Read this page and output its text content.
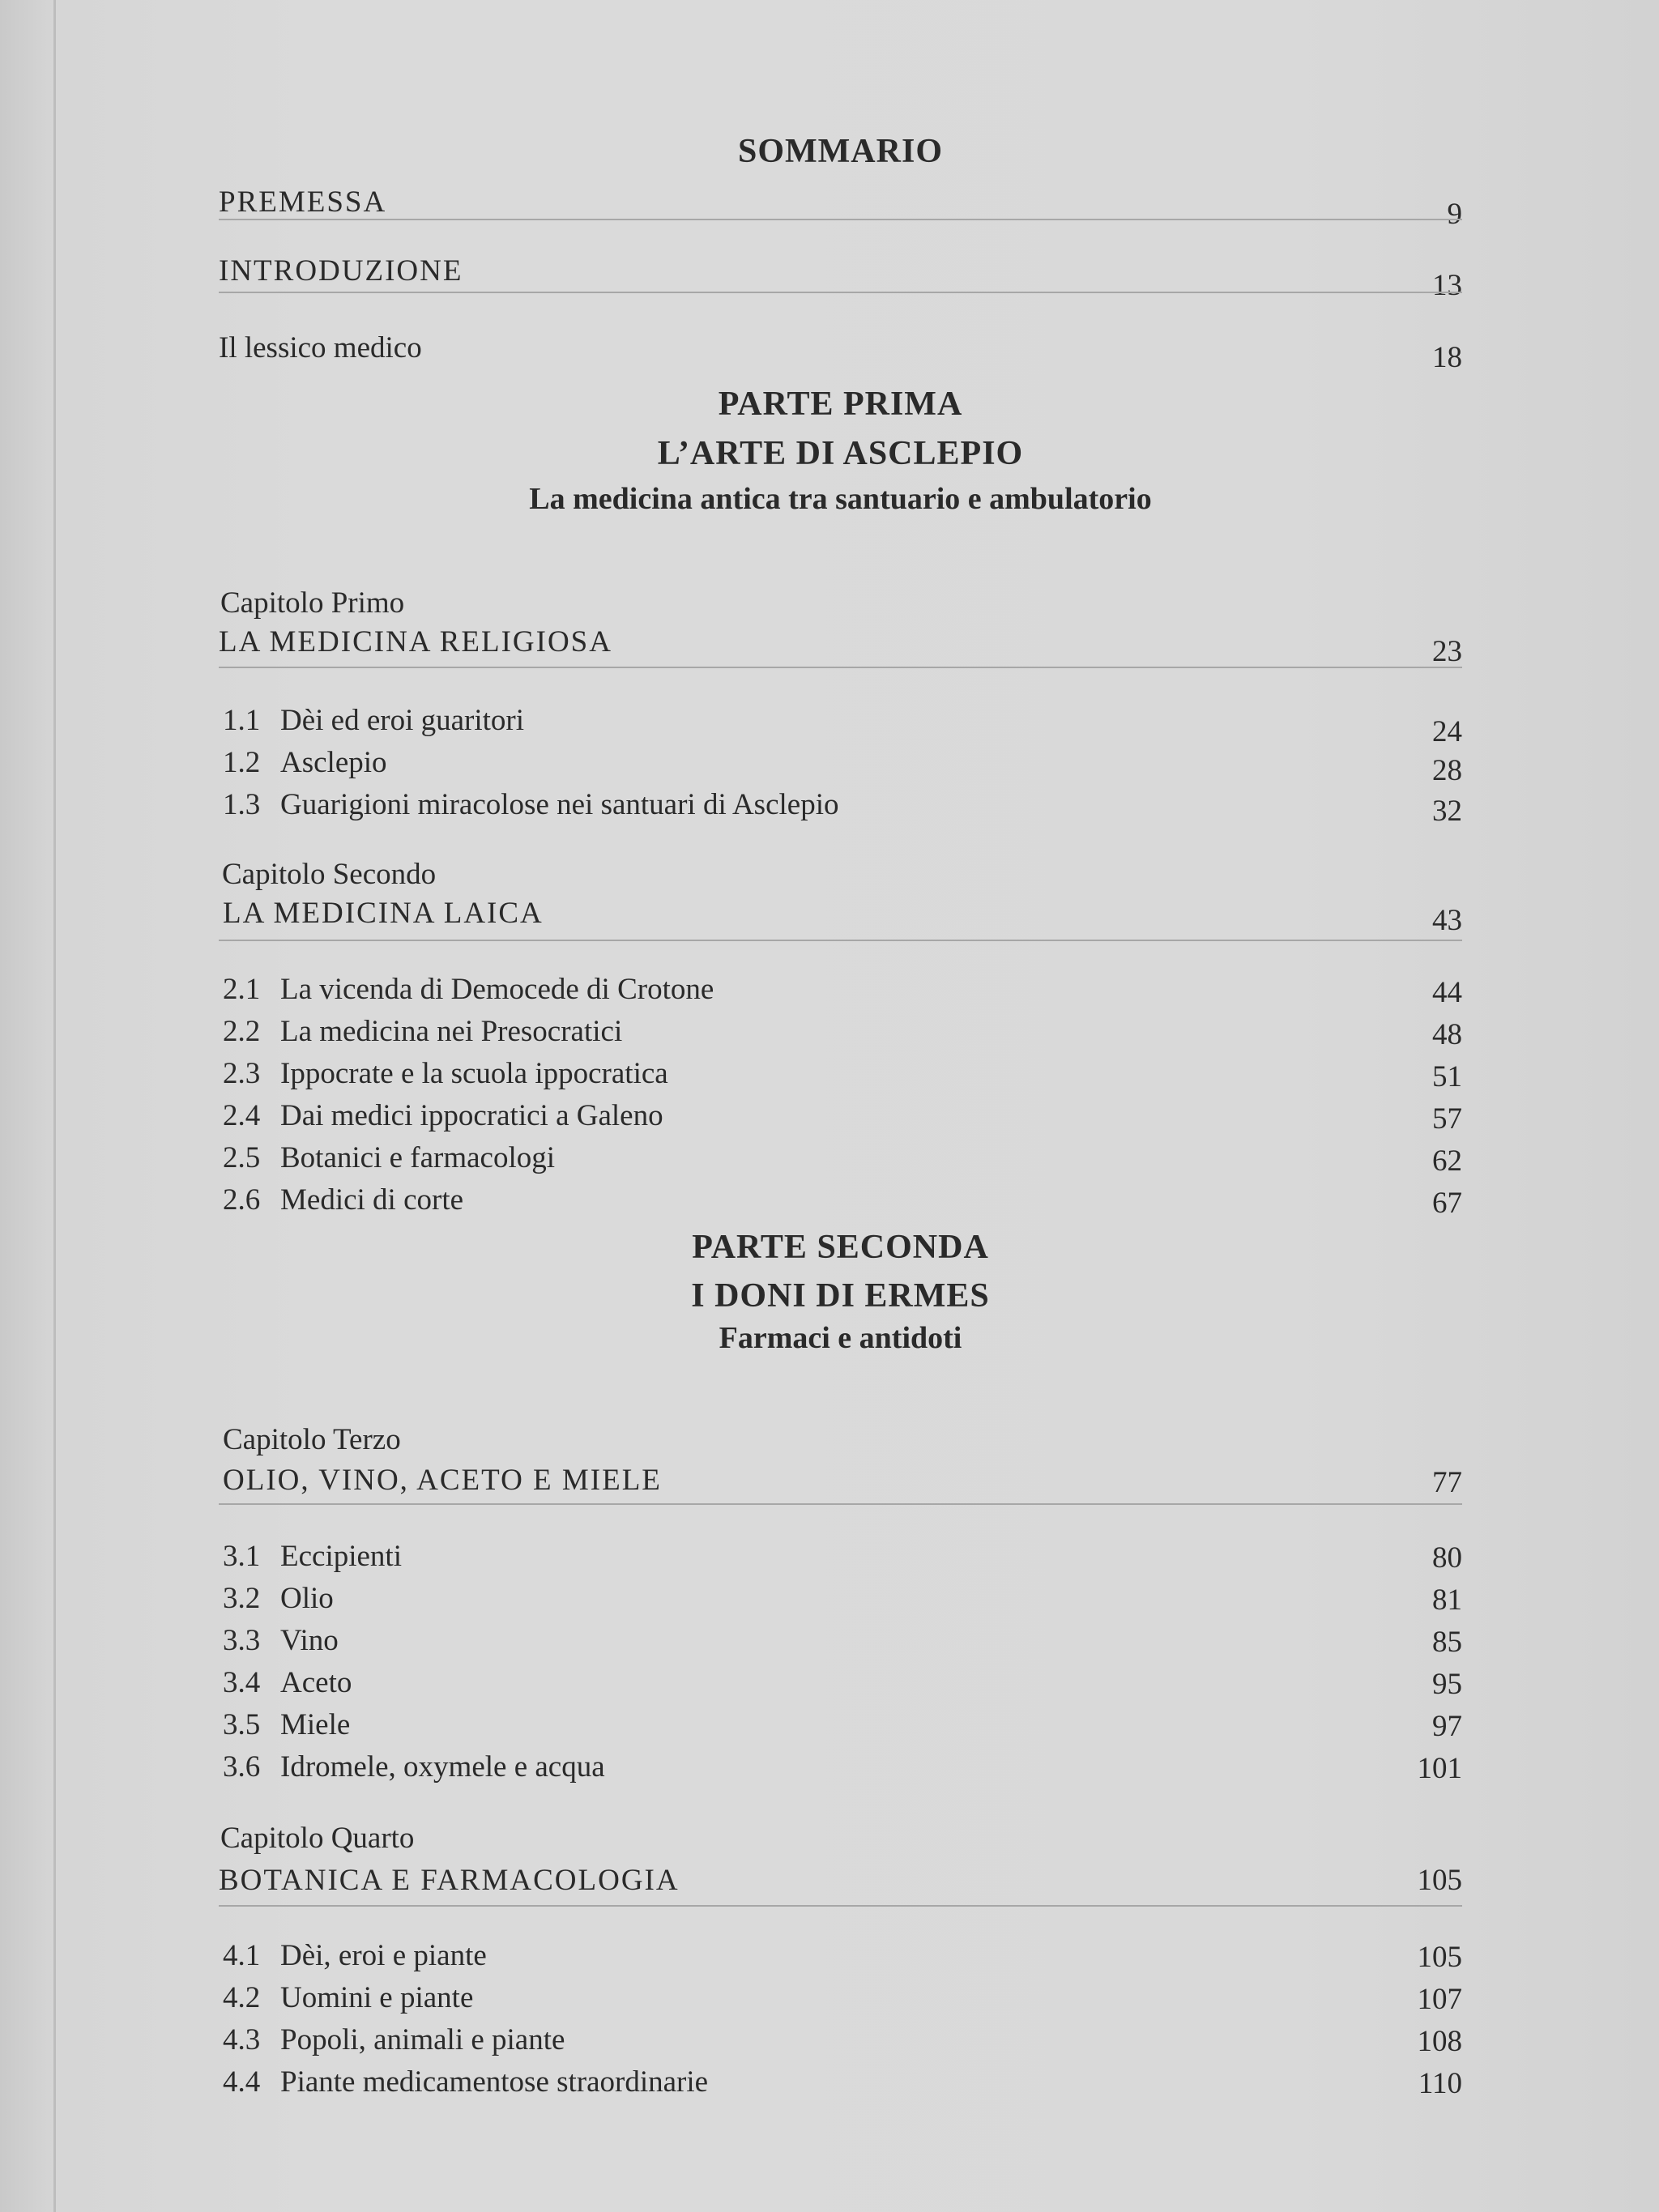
SOMMARIO
PREMESSA	9
INTRODUZIONE	13
Il lessico medico	18
PARTE PRIMA
L’ARTE DI ASCLEPIO
La medicina antica tra santuario e ambulatorio
Capitolo Primo
LA MEDICINA RELIGIOSA	23
1.1 Dèi ed eroi guaritori	24
1.2 Asclepio	28
1.3 Guarigioni miracolose nei santuari di Asclepio	32
Capitolo Secondo
LA MEDICINA LAICA	43
2.1 La vicenda di Democede di Crotone	44
2.2 La medicina nei Presocratici	48
2.3 Ippocrate e la scuola ippocratica	51
2.4 Dai medici ippocratici a Galeno	57
2.5 Botanici e farmacologi	62
2.6 Medici di corte	67
PARTE SECONDA
I DONI DI ERMES
Farmaci e antidoti
Capitolo Terzo
OLIO, VINO, ACETO E MIELE	77
3.1 Eccipienti	80
3.2 Olio	81
3.3 Vino	85
3.4 Aceto	95
3.5 Miele	97
3.6 Idromele, oxymele e acqua	101
Capitolo Quarto
BOTANICA E FARMACOLOGIA	105
4.1 Dèi, eroi e piante	105
4.2 Uomini e piante	107
4.3 Popoli, animali e piante	108
4.4 Piante medicamentose straordinarie	110
